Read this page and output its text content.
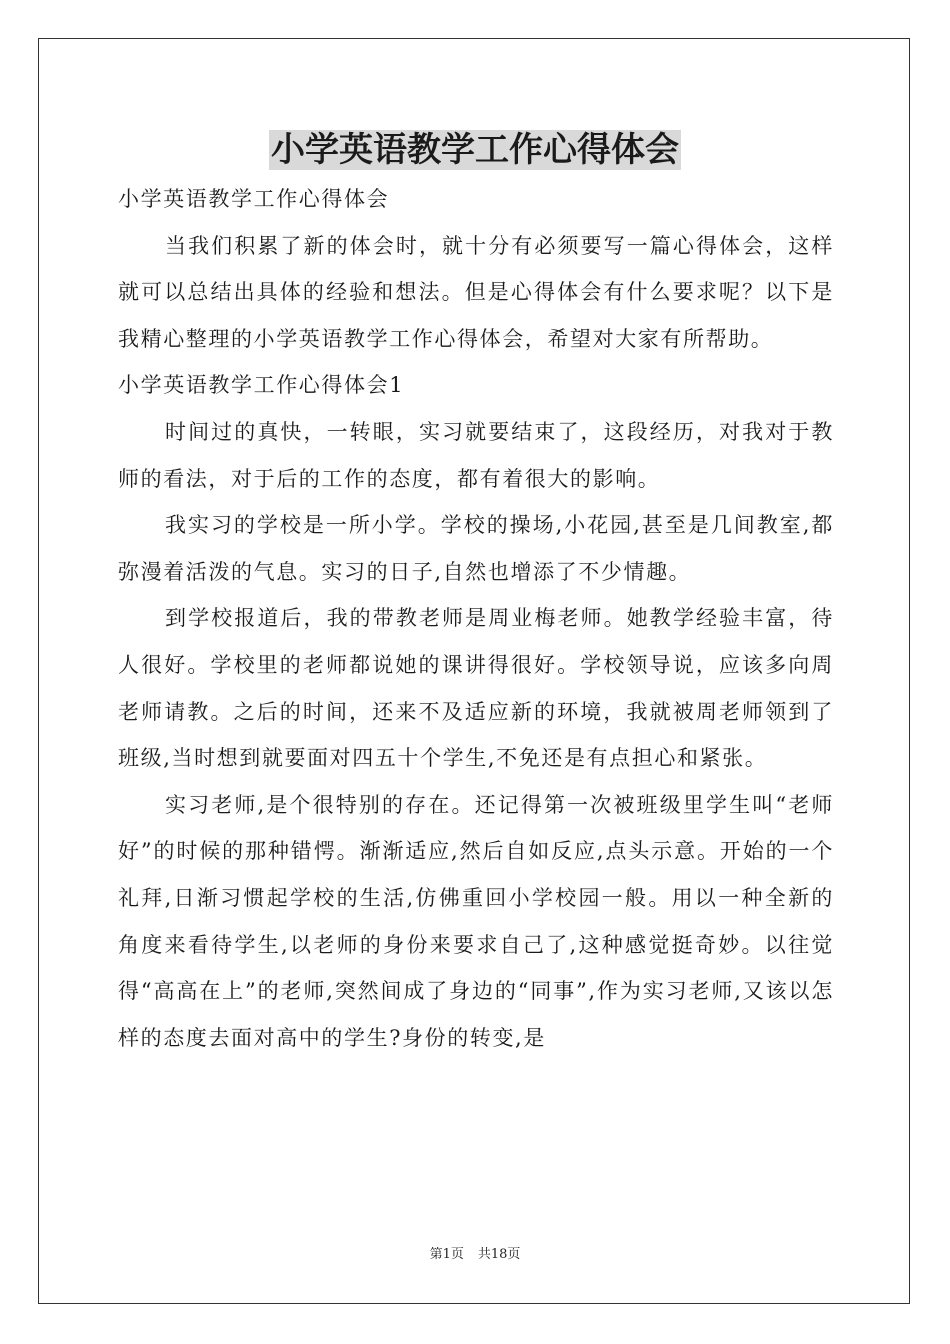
小学英语教学工作心得体会

小学英语教学工作心得体会

当我们积累了新的体会时，就十分有必须要写一篇心得体会，这样就可以总结出具体的经验和想法。但是心得体会有什么要求呢？以下是我精心整理的小学英语教学工作心得体会，希望对大家有所帮助。

小学英语教学工作心得体会1

时间过的真快，一转眼，实习就要结束了，这段经历，对我对于教师的看法，对于后的工作的态度，都有着很大的影响。

我实习的学校是一所小学。学校的操场,小花园,甚至是几间教室,都弥漫着活泼的气息。实习的日子,自然也增添了不少情趣。

到学校报道后，我的带教老师是周业梅老师。她教学经验丰富，待人很好。学校里的老师都说她的课讲得很好。学校领导说，应该多向周老师请教。之后的时间，还来不及适应新的环境，我就被周老师领到了班级,当时想到就要面对四五十个学生,不免还是有点担心和紧张。

实习老师,是个很特别的存在。还记得第一次被班级里学生叫“老师好”的时候的那种错愕。渐渐适应,然后自如反应,点头示意。开始的一个礼拜,日渐习惯起学校的生活,仿佛重回小学校园一般。用以一种全新的角度来看待学生,以老师的身份来要求自己了,这种感觉挺奇妙。以往觉得“高高在上”的老师,突然间成了身边的“同事”,作为实习老师,又该以怎样的态度去面对高中的学生?身份的转变,是

第1页 共18页
